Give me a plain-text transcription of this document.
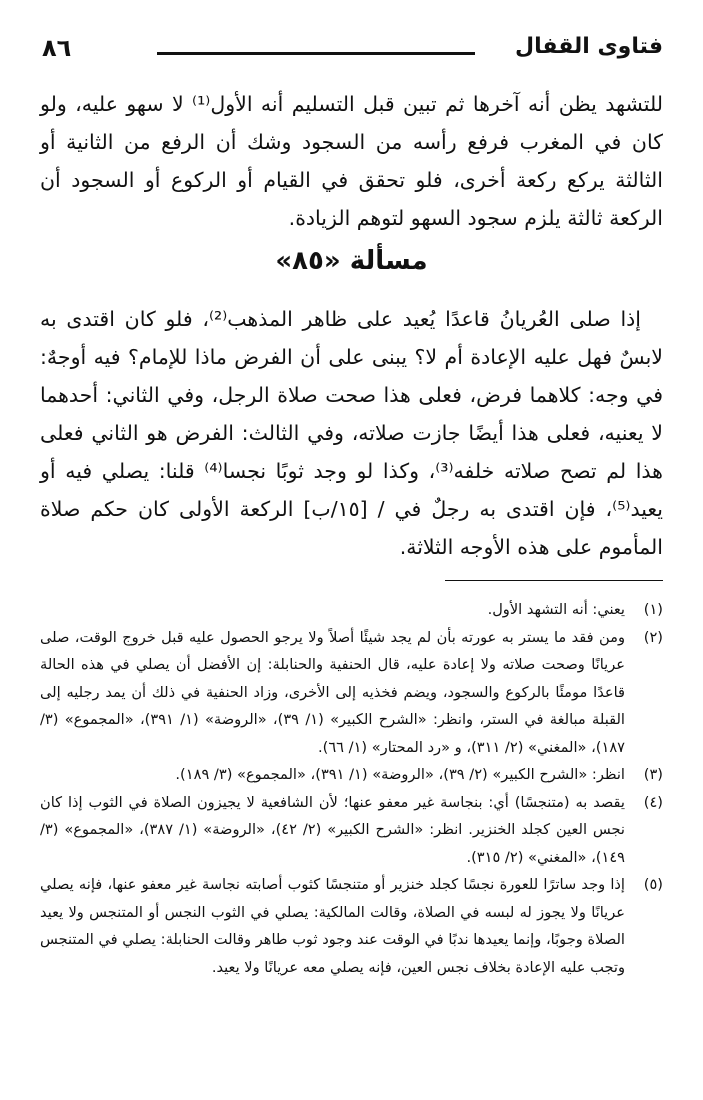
فتاوى القفال
٨٦

للتشهد يظن أنه آخرها ثم تبين قبل التسليم أنه الأول⁽¹⁾ لا سهو عليه، ولو كان في المغرب فرفع رأسه من السجود وشك أن الرفع من الثانية أو الثالثة يركع ركعة أخرى، فلو تحقق في القيام أو الركوع أو السجود أن الركعة ثالثة يلزم سجود السهو لتوهم الزيادة.

مسألة «٨٥»

إذا صلى العُريانُ قاعدًا يُعيد على ظاهر المذهب⁽²⁾، فلو كان اقتدى به لابسٌ فهل عليه الإعادة أم لا؟ يبنى على أن الفرض ماذا للإمام؟ فيه أوجهٌ: في وجه: كلاهما فرض، فعلى هذا صحت صلاة الرجل، وفي الثاني: أحدهما لا يعنيه، فعلى هذا أيضًا جازت صلاته، وفي الثالث: الفرض هو الثاني فعلى هذا لم تصح صلاته خلفه⁽³⁾، وكذا لو وجد ثوبًا نجسا⁽⁴⁾ قلنا: يصلي فيه أو يعيد⁽⁵⁾، فإن اقتدى به رجلٌ في / [١٥/ب] الركعة الأولى كان حكم صلاة المأموم على هذه الأوجه الثلاثة.

(١)
يعني: أنه التشهد الأول.
(٢)
ومن فقد ما يستر به عورته بأن لم يجد شيئًا أصلاً ولا يرجو الحصول عليه قبل خروج الوقت، صلى عريانًا وصحت صلاته ولا إعادة عليه، قال الحنفية والحنابلة: إن الأفضل أن يصلي في هذه الحالة قاعدًا مومئًا بالركوع والسجود، ويضم فخذيه إلى الأخرى، وزاد الحنفية في ذلك أن يمد رجليه إلى القبلة مبالغة في الستر، وانظر: «الشرح الكبير» (١/ ٣٩)، «الروضة» (١/ ٣٩١)، «المجموع» (٣/ ١٨٧)، «المغني» (٢/ ٣١١)، و «رد المحتار» (١/ ٦٦).
(٣)
انظر: «الشرح الكبير» (٢/ ٣٩)، «الروضة» (١/ ٣٩١)، «المجموع» (٣/ ١٨٩).
(٤)
يقصد به (متنجسًا) أي: بنجاسة غير معفو عنها؛ لأن الشافعية لا يجيزون الصلاة في الثوب إذا كان نجس العين كجلد الخنزير. انظر: «الشرح الكبير» (٢/ ٤٢)، «الروضة» (١/ ٣٨٧)، «المجموع» (٣/ ١٤٩)، «المغني» (٢/ ٣١٥).
(٥)
إذا وجد ساترًا للعورة نجسًا كجلد خنزير أو متنجسًا كثوب أصابته نجاسة غير معفو عنها، فإنه يصلي عريانًا ولا يجوز له لبسه في الصلاة، وقالت المالكية: يصلي في الثوب النجس أو المتنجس ولا يعيد الصلاة وجوبًا، وإنما يعيدها ندبًا في الوقت عند وجود ثوب طاهر وقالت الحنابلة: يصلي في المتنجس وتجب عليه الإعادة بخلاف نجس العين، فإنه يصلي معه عريانًا ولا يعيد.
